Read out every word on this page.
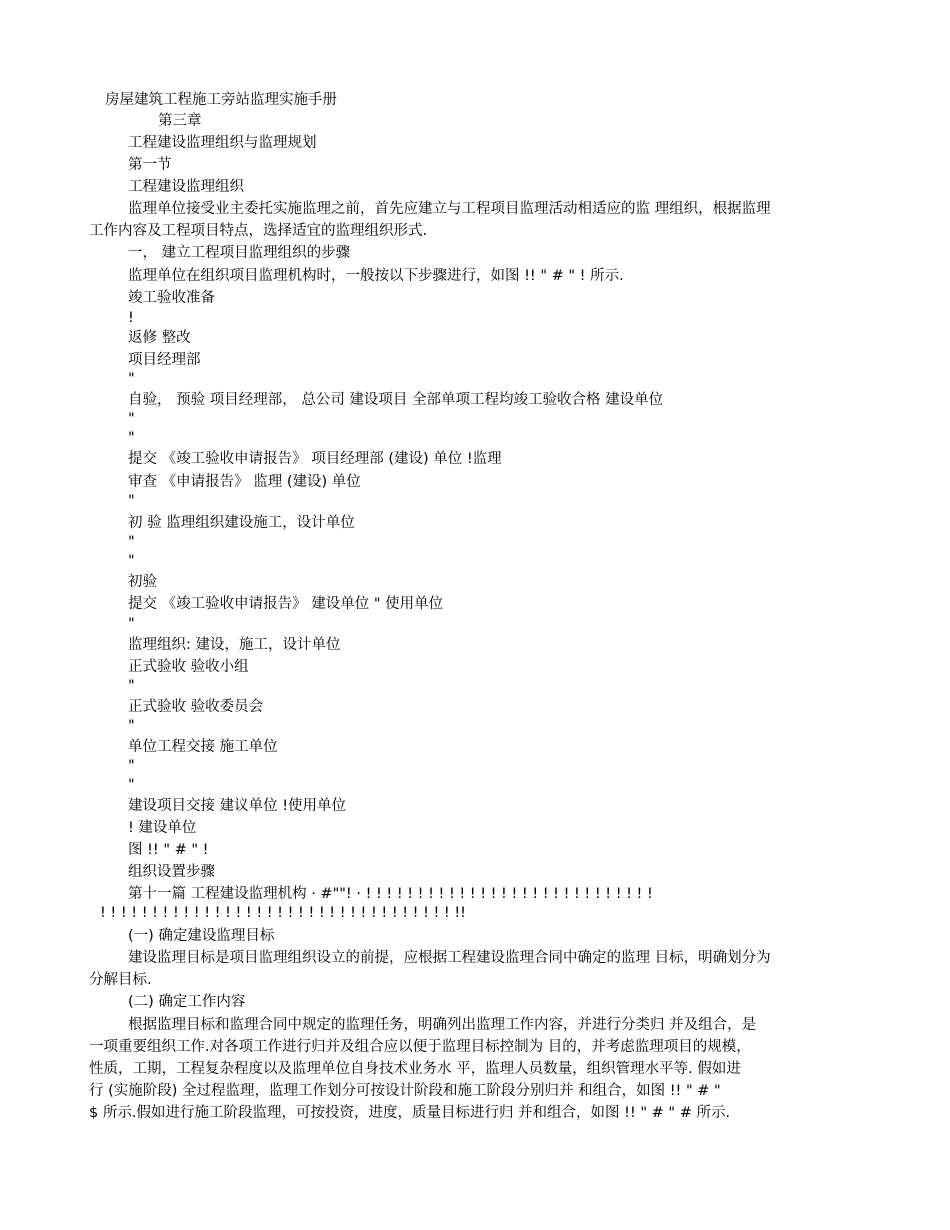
房屋建筑工程施工旁站监理实施手册
第三章
工程建设监理组织与监理规划
第一节
工程建设监理组织
监理单位接受业主委托实施监理之前，首先应建立与工程项目监理活动相适应的监 理组织，根据监理
工作内容及工程项目特点，选择适宜的监理组织形式.
一， 建立工程项目监理组织的步骤
监理单位在组织项目监理机构时，一般按以下步骤进行，如图 !! " # " ! 所示.
竣工验收准备
!
返修 整改
项目经理部
"
自验， 预验 项目经理部， 总公司 建设项目 全部单项工程均竣工验收合格 建设单位
"
"
提交 《竣工验收申请报告》 项目经理部 (建设) 单位 !监理
审查 《申请报告》 监理 (建设) 单位
"
初 验 监理组织建设施工，设计单位
"
"
初验
提交 《竣工验收申请报告》 建设单位 " 使用单位
"
监理组织: 建设，施工，设计单位
正式验收 验收小组
"
正式验收 验收委员会
"
单位工程交接 施工单位
"
"
建设项目交接 建议单位 !使用单位
! 建设单位
图 !! " # " !
组织设置步骤
第十一篇 工程建设监理机构 · #""! · ! ! ! ! ! ! ! ! ! ! ! ! ! ! ! ! ! ! ! ! ! ! ! ! ! ! ! !
! ! ! ! ! ! ! ! ! ! ! ! ! ! ! ! ! ! ! ! ! ! ! ! ! ! ! ! ! ! ! ! ! ! !!
(一) 确定建设监理目标
建设监理目标是项目监理组织设立的前提，应根据工程建设监理合同中确定的监理 目标，明确划分为
分解目标.
(二) 确定工作内容
根据监理目标和监理合同中规定的监理任务，明确列出监理工作内容，并进行分类归 并及组合，是
一项重要组织工作.对各项工作进行归并及组合应以便于监理目标控制为 目的，并考虑监理项目的规模，
性质，工期，工程复杂程度以及监理单位自身技术业务水 平，监理人员数量，组织管理水平等. 假如进
行 (实施阶段) 全过程监理，监理工作划分可按设计阶段和施工阶段分别归并 和组合，如图 !! " # "
$ 所示.假如进行施工阶段监理，可按投资，进度，质量目标进行归 并和组合，如图 !! " # " # 所示.
